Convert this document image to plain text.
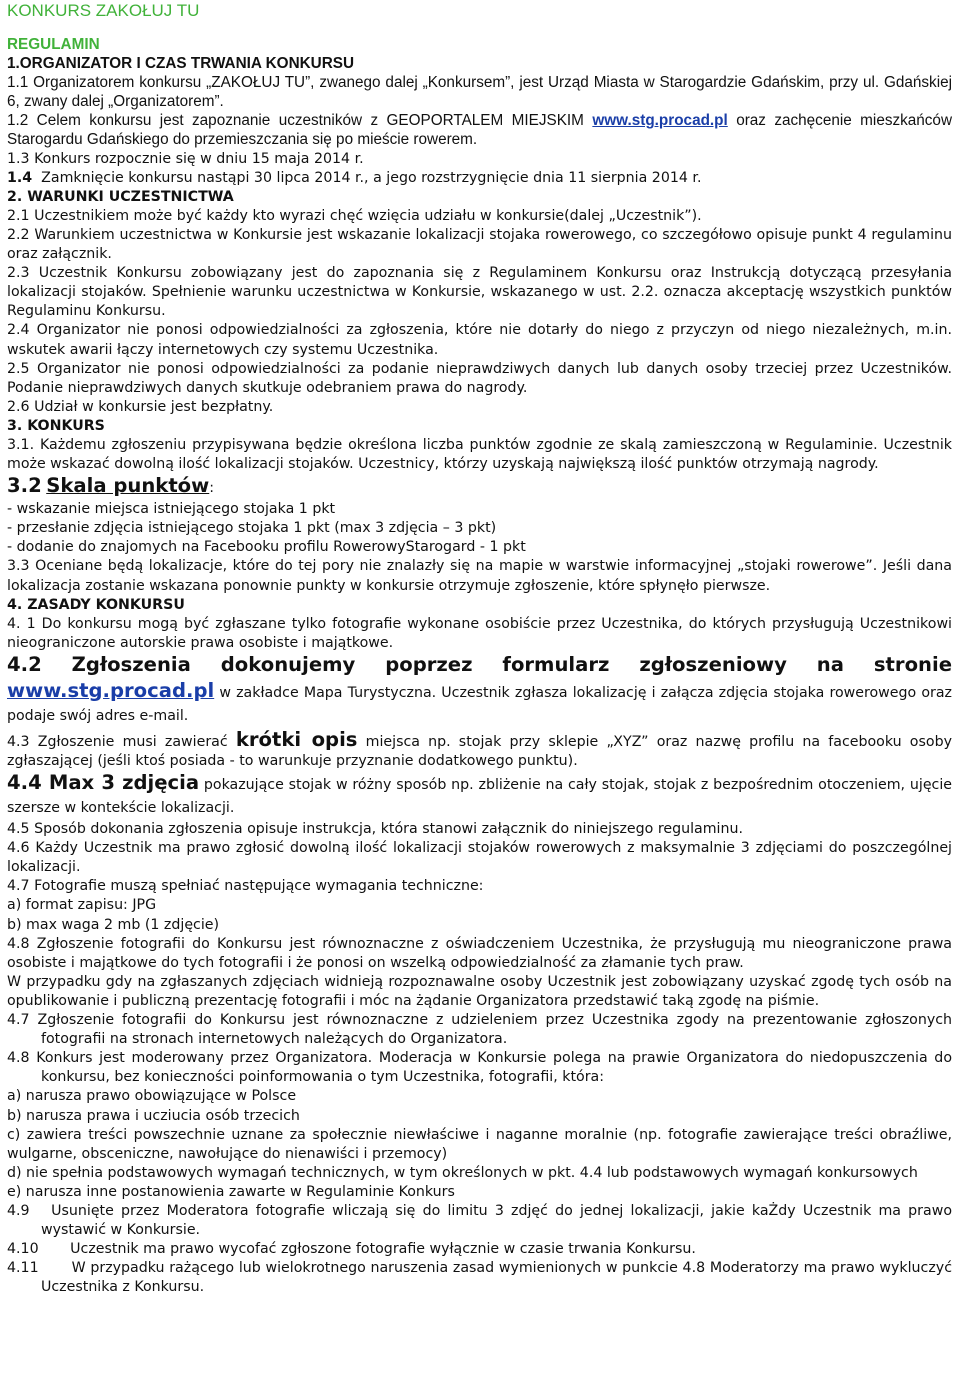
KONKURS ZAKOŁUJ TU

REGULAMIN

1.ORGANIZATOR I CZAS TRWANIA KONKURSU

1.1 Organizatorem konkursu „ZAKOŁUJ TU”, zwanego dalej „Konkursem”, jest Urząd Miasta w Starogardzie Gdańskim, przy ul. Gdańskiej 6, zwany dalej „Organizatorem”.

1.2 Celem konkursu jest zapoznanie uczestników z GEOPORTALEM MIEJSKIM www.stg.procad.pl oraz zachęcenie mieszkańców Starogardu Gdańskiego do przemieszczania się po mieście rowerem.

1.3 Konkurs rozpocznie się w dniu 15 maja 2014 r.

1.4 Zamknięcie konkursu nastąpi 30 lipca 2014 r., a jego rozstrzygnięcie dnia 11 sierpnia 2014 r.

2. WARUNKI UCZESTNICTWA

2.1 Uczestnikiem może być każdy kto wyrazi chęć wzięcia udziału w konkursie(dalej „Uczestnik”).

2.2 Warunkiem uczestnictwa w Konkursie jest wskazanie lokalizacji stojaka rowerowego, co szczegółowo opisuje punkt 4 regulaminu oraz załącznik.

2.3 Uczestnik Konkursu zobowiązany jest do zapoznania się z Regulaminem Konkursu oraz Instrukcją dotyczącą przesyłania lokalizacji stojaków. Spełnienie warunku uczestnictwa w Konkursie, wskazanego w ust. 2.2. oznacza akceptację wszystkich punktów Regulaminu Konkursu.

2.4 Organizator nie ponosi odpowiedzialności za zgłoszenia, które nie dotarły do niego z przyczyn od niego niezależnych, m.in. wskutek awarii łączy internetowych czy systemu Uczestnika.

2.5 Organizator nie ponosi odpowiedzialności za podanie nieprawdziwych danych lub danych osoby trzeciej przez Uczestników. Podanie nieprawdziwych danych skutkuje odebraniem prawa do nagrody.

2.6 Udział w konkursie jest bezpłatny.

3. KONKURS

3.1. Każdemu zgłoszeniu przypisywana będzie określona liczba punktów zgodnie ze skalą zamieszczoną w Regulaminie. Uczestnik może wskazać dowolną ilość lokalizacji stojaków. Uczestnicy, którzy uzyskają największą ilość punktów otrzymają nagrody.

3.2 Skala punktów:

- wskazanie miejsca istniejącego stojaka 1 pkt

- przesłanie zdjęcia istniejącego stojaka 1 pkt (max 3 zdjęcia – 3 pkt)

- dodanie do znajomych na Facebooku profilu RowerowyStarogard - 1 pkt

3.3 Oceniane będą lokalizacje, które do tej pory nie znalazły się na mapie w warstwie informacyjnej „stojaki rowerowe”. Jeśli dana lokalizacja zostanie wskazana ponownie punkty w konkursie otrzymuje zgłoszenie, które spłynęło pierwsze.

4. ZASADY KONKURSU

4. 1 Do konkursu mogą być zgłaszane tylko fotografie wykonane osobiście przez Uczestnika, do których przysługują Uczestnikowi nieograniczone autorskie prawa osobiste i majątkowe.

4.2 Zgłoszenia dokonujemy poprzez formularz zgłoszeniowy na stronie www.stg.procad.pl w zakładce Mapa Turystyczna. Uczestnik zgłasza lokalizację i załącza zdjęcia stojaka rowerowego oraz podaje swój adres e-mail.

4.3 Zgłoszenie musi zawierać krótki opis miejsca np. stojak przy sklepie „XYZ” oraz nazwę profilu na facebooku osoby zgłaszającej (jeśli ktoś posiada - to warunkuje przyznanie dodatkowego punktu).

4.4 Max 3 zdjęcia pokazujące stojak w różny sposób np. zbliżenie na cały stojak, stojak z bezpośrednim otoczeniem, ujęcie szersze w kontekście lokalizacji.

4.5 Sposób dokonania zgłoszenia opisuje instrukcja, która stanowi załącznik do niniejszego regulaminu.

4.6 Każdy Uczestnik ma prawo zgłosić dowolną ilość lokalizacji stojaków rowerowych z maksymalnie 3 zdjęciami do poszczególnej lokalizacji.

4.7 Fotografie muszą spełniać następujące wymagania techniczne:

a) format zapisu: JPG

b) max waga 2 mb (1 zdjęcie)

4.8 Zgłoszenie fotografii do Konkursu jest równoznaczne z oświadczeniem Uczestnika, że przysługują mu nieograniczone prawa osobiste i majątkowe do tych fotografii i że ponosi on wszelką odpowiedzialność za złamanie tych praw.

W przypadku gdy na zgłaszanych zdjęciach widnieją rozpoznawalne osoby Uczestnik jest zobowiązany uzyskać zgodę tych osób na opublikowanie i publiczną prezentację fotografii i móc na żądanie Organizatora przedstawić taką zgodę na piśmie.

4.7 Zgłoszenie fotografii do Konkursu jest równoznaczne z udzieleniem przez Uczestnika zgody na prezentowanie zgłoszonych fotografii na stronach internetowych należących do Organizatora.

4.8 Konkurs jest moderowany przez Organizatora. Moderacja w Konkursie polega na prawie Organizatora do niedopuszczenia do konkursu, bez konieczności poinformowania o tym Uczestnika, fotografii, która:

a) narusza prawo obowiązujące w Polsce

b) narusza prawa i ucziucia osób trzecich

c) zawiera treści powszechnie uznane za społecznie niewłaściwe i naganne moralnie (np. fotografie zawierające treści obraźliwe, wulgarne, obsceniczne, nawołujące do nienawiści i przemocy)

d) nie spełnia podstawowych wymagań technicznych, w tym określonych w pkt. 4.4 lub podstawowych wymagań konkursowych

e) narusza inne postanowienia zawarte w Regulaminie Konkurs

4.9 Usunięte przez Moderatora fotografie wliczają się do limitu 3 zdjęć do jednej lokalizacji, jakie kaŻdy Uczestnik ma prawo wystawić w Konkursie.

4.10 Uczestnik ma prawo wycofać zgłoszone fotografie wyłącznie w czasie trwania Konkursu.

4.11 W przypadku rażącego lub wielokrotnego naruszenia zasad wymienionych w punkcie 4.8 Moderatorzy ma prawo wykluczyć Uczestnika z Konkursu.
